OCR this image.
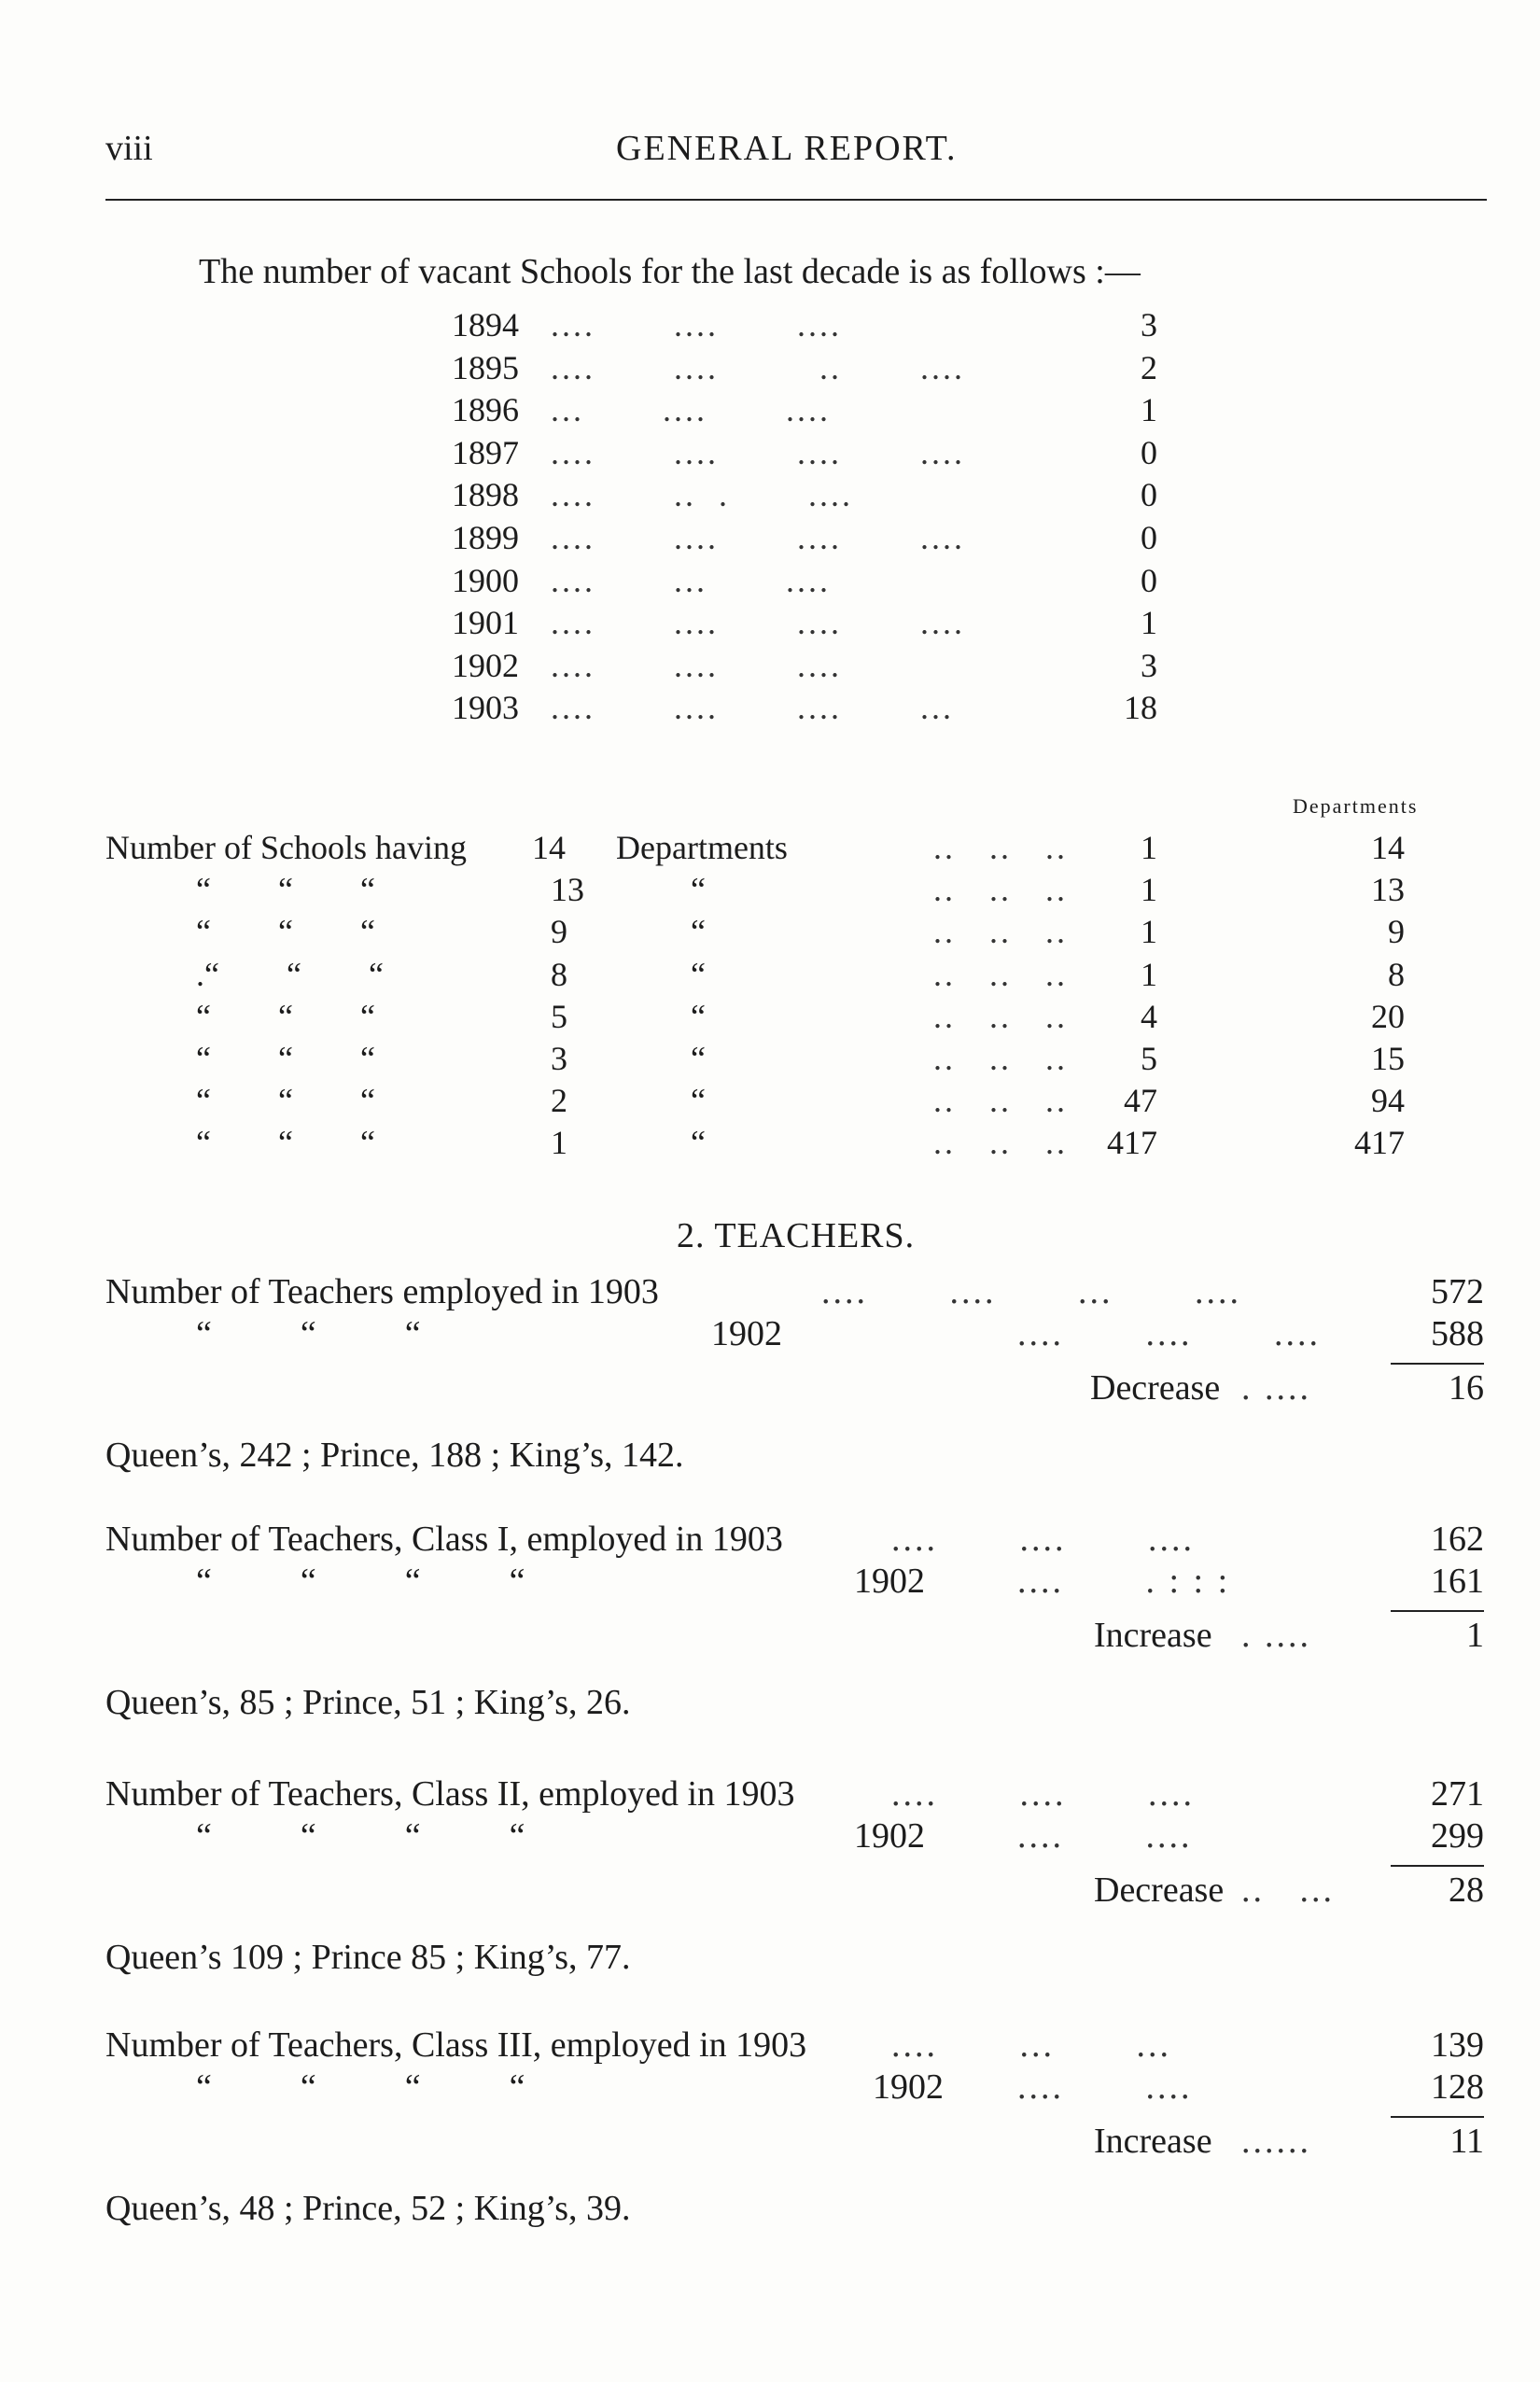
viii	GENERAL REPORT.
The number of vacant Schools for the last decade is as follows :—
1894 ....       ....       ....	3
1895 ....       ....         ..       ....	2
1896 ...       ....       ....	1
1897 ....       ....       ....       ....	0
1898 ....       ..  .       ....	0
1899 ....       ....       ....       ....	0
1900 ....       ...       ....	0
1901 ....       ....       ....       ....	1
1902 ....       ....       ....	3
1903 ....       ....       ....       ...	18
Departments
Number of Schools having 14 Departments	..   ..   ..	1	14
“        “        “	13	“	..   ..   ..	1	13
“        “        “	9	“	..   ..   ..	1	9
.“        “        “	8	“	..   ..   ..	1	8
“        “        “	5	“	..   ..   ..	4	20
“        “        “	3	“	..   ..   ..	5	15
“        “        “	2	“	..   ..   ..	47	94
“        “        “	1	“	..   ..   ..	417	417
2. TEACHERS.
Number of Teachers employed in 1903	....       ....       ...       ....	572
“          “          “	1902	....       ....       ....	588
Decrease . ....	16
Queen’s, 242 ; Prince, 188 ; King’s, 142.
Number of Teachers, Class I, employed in 1903	....       ....       ....	162
“          “          “          “	1902	....       . : : :	161
Increase . ....	1
Queen’s, 85 ; Prince, 51 ; King’s, 26.
Number of Teachers, Class II, employed in 1903	....       ....       ....	271
“          “          “          “	1902	....       ....	299
Decrease ..   ...	28
Queen’s 109 ; Prince 85 ; King’s, 77.
Number of Teachers, Class III, employed in 1903 ....       ...       ...	139
“          “          “          “	1902 ....       ....	128
Increase ......	11
Queen’s, 48 ; Prince, 52 ; King’s, 39.
